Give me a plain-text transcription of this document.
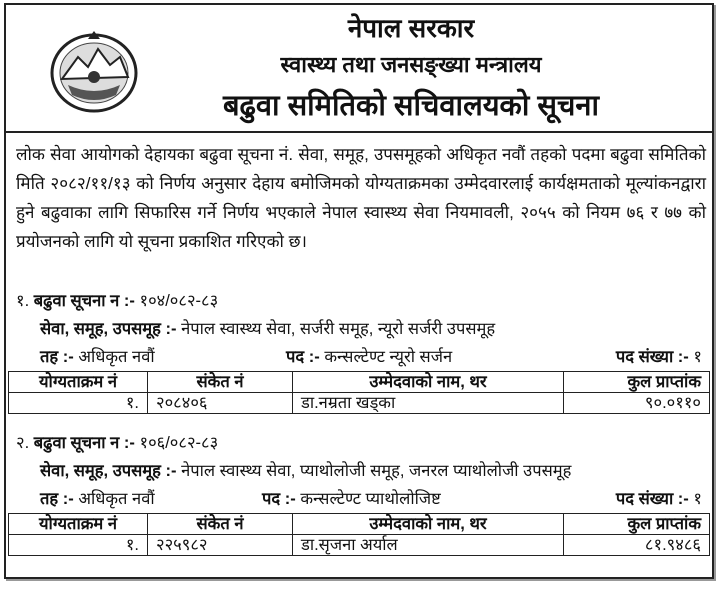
नेपाल सरकार
स्वास्थ्य तथा जनसङ्ख्या मन्त्रालय
बढुवा समितिको सचिवालयको सूचना
लोक सेवा आयोगको देहायका बढुवा सूचना नं. सेवा, समूह, उपसमूहको अधिकृत नवौं तहको पदमा बढुवा समितिको मिति २०८२/११/१३ को निर्णय अनुसार देहाय बमोजिमको योग्यताक्रमका उम्मेदवारलाई कार्यक्षमताको मूल्यांकनद्वारा हुने बढुवाका लागि सिफारिस गर्ने निर्णय भएकाले नेपाल स्वास्थ्य सेवा नियमावली, २०५५ को नियम ७६ र ७७ को प्रयोजनको लागि यो सूचना प्रकाशित गरिएको छ।
१. बढुवा सूचना न :- १०४/०८२-८३
सेवा, समूह, उपसमूह :- नेपाल स्वास्थ्य सेवा, सर्जरी समूह, न्यूरो सर्जरी उपसमूह
तह :- अधिकृत नवौं	पद :- कन्सल्टेण्ट न्यूरो सर्जन	पद संख्या :- १
योग्यताक्रम नं	संकेत नं	उम्मेदवाको नाम, थर	कुल प्राप्तांक
१.	२०८४०६	डा.नम्रता खड्का	९०.०११०
२. बढुवा सूचना न :- १०६/०८२-८३
सेवा, समूह, उपसमूह :- नेपाल स्वास्थ्य सेवा, प्याथोलोजी समूह, जनरल प्याथोलोजी उपसमूह
तह :- अधिकृत नवौं	पद :- कन्सल्टेण्ट प्याथोलोजिष्ट	पद संख्या :- १
योग्यताक्रम नं	संकेत नं	उम्मेदवाको नाम, थर	कुल प्राप्तांक
१.	२२५९८२	डा.सृजना अर्याल	८१.९४८६
